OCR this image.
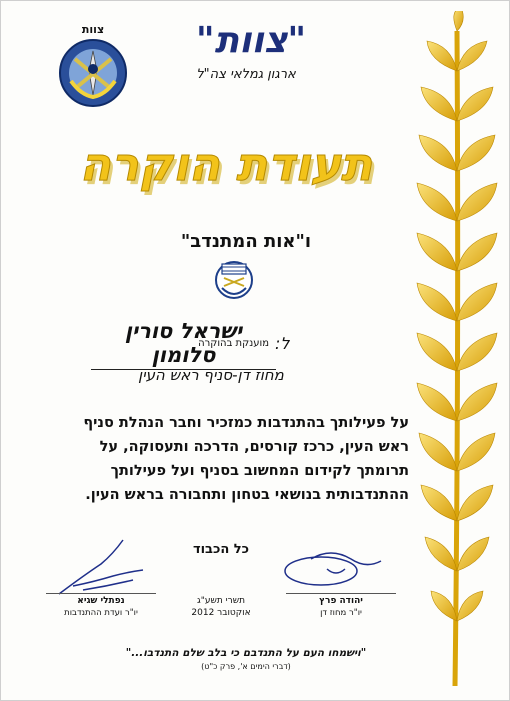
צוות	"צוות"
ארגון גמלאי צה"ל
תעודת הוקרה
ו"אות המתנדב"
מוענקת בהוקרה
ישראל סורין סלומון	ל:
מחוז דן-סניף ראש העין
על פעילותך בהתנדבות כמזכיר וחבר הנהלת סניף
ראש העין, כרכז קורסים, הדרכה ותעסוקה, על
תרומתך לקידום המחשוב בסניף ועל פעילותך
ההתנדבותית בנושאי בטחון ותחבורה בראש העין.
כל הכבוד
נפתלי שגיא
יו"ר ועדת ההתנדבות
תשרי תשע"ג
אוקטובר 2012
יהודה פרץ
יו"ר מחוז דן
"וישמחו העם על התנדבם כי בלב שלם התנדבו..."
(דברי הימים א', פרק כ"ט)
